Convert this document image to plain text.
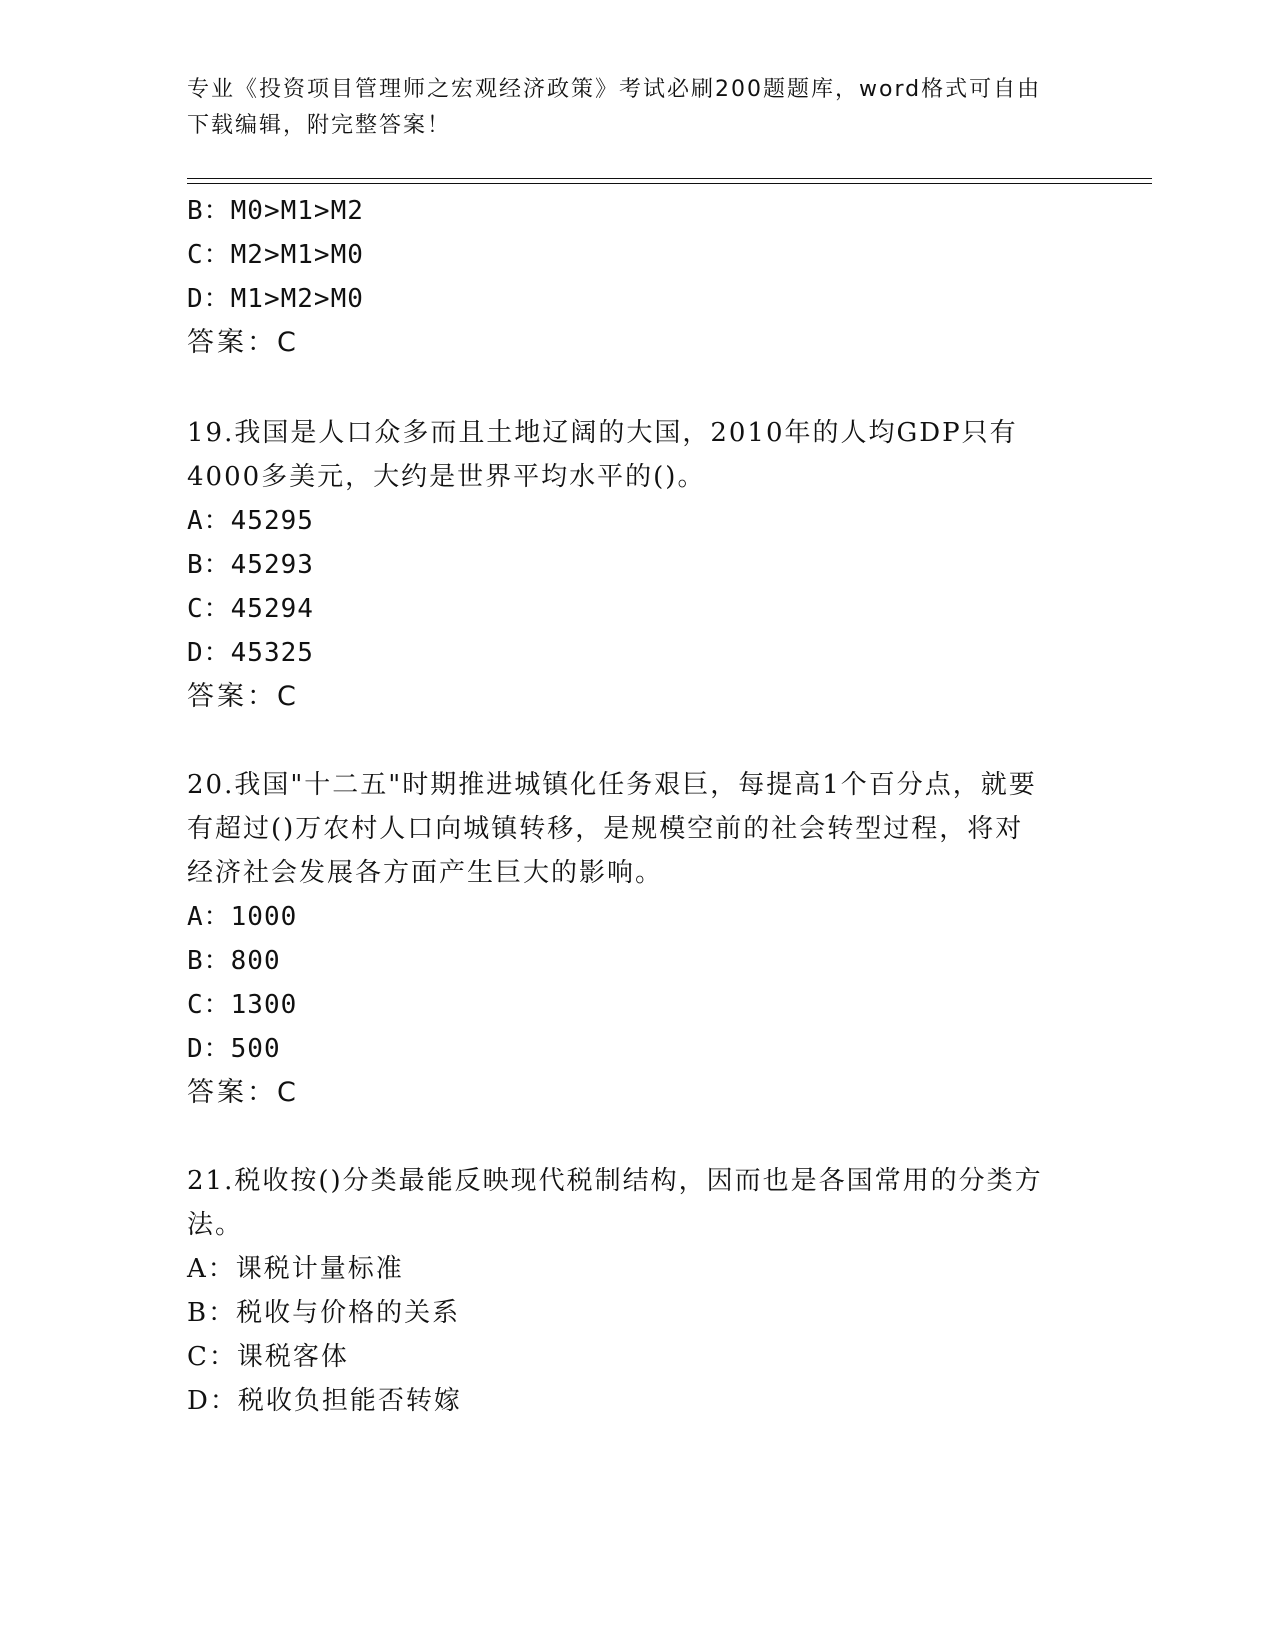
专业《投资项目管理师之宏观经济政策》考试必刷200题题库，word格式可自由
下载编辑，附完整答案！
B：M0>M1>M2
C：M2>M1>M0
D：M1>M2>M0
答案：C
19.我国是人口众多而且土地辽阔的大国，2010年的人均GDP只有
4000多美元，大约是世界平均水平的()。
A：45295
B：45293
C：45294
D：45325
答案：C
20.我国"十二五"时期推进城镇化任务艰巨，每提高1个百分点，就要
有超过()万农村人口向城镇转移，是规模空前的社会转型过程，将对
经济社会发展各方面产生巨大的影响。
A：1000
B：800
C：1300
D：500
答案：C
21.税收按()分类最能反映现代税制结构，因而也是各国常用的分类方
法。
A：课税计量标准
B：税收与价格的关系
C：课税客体
D：税收负担能否转嫁
